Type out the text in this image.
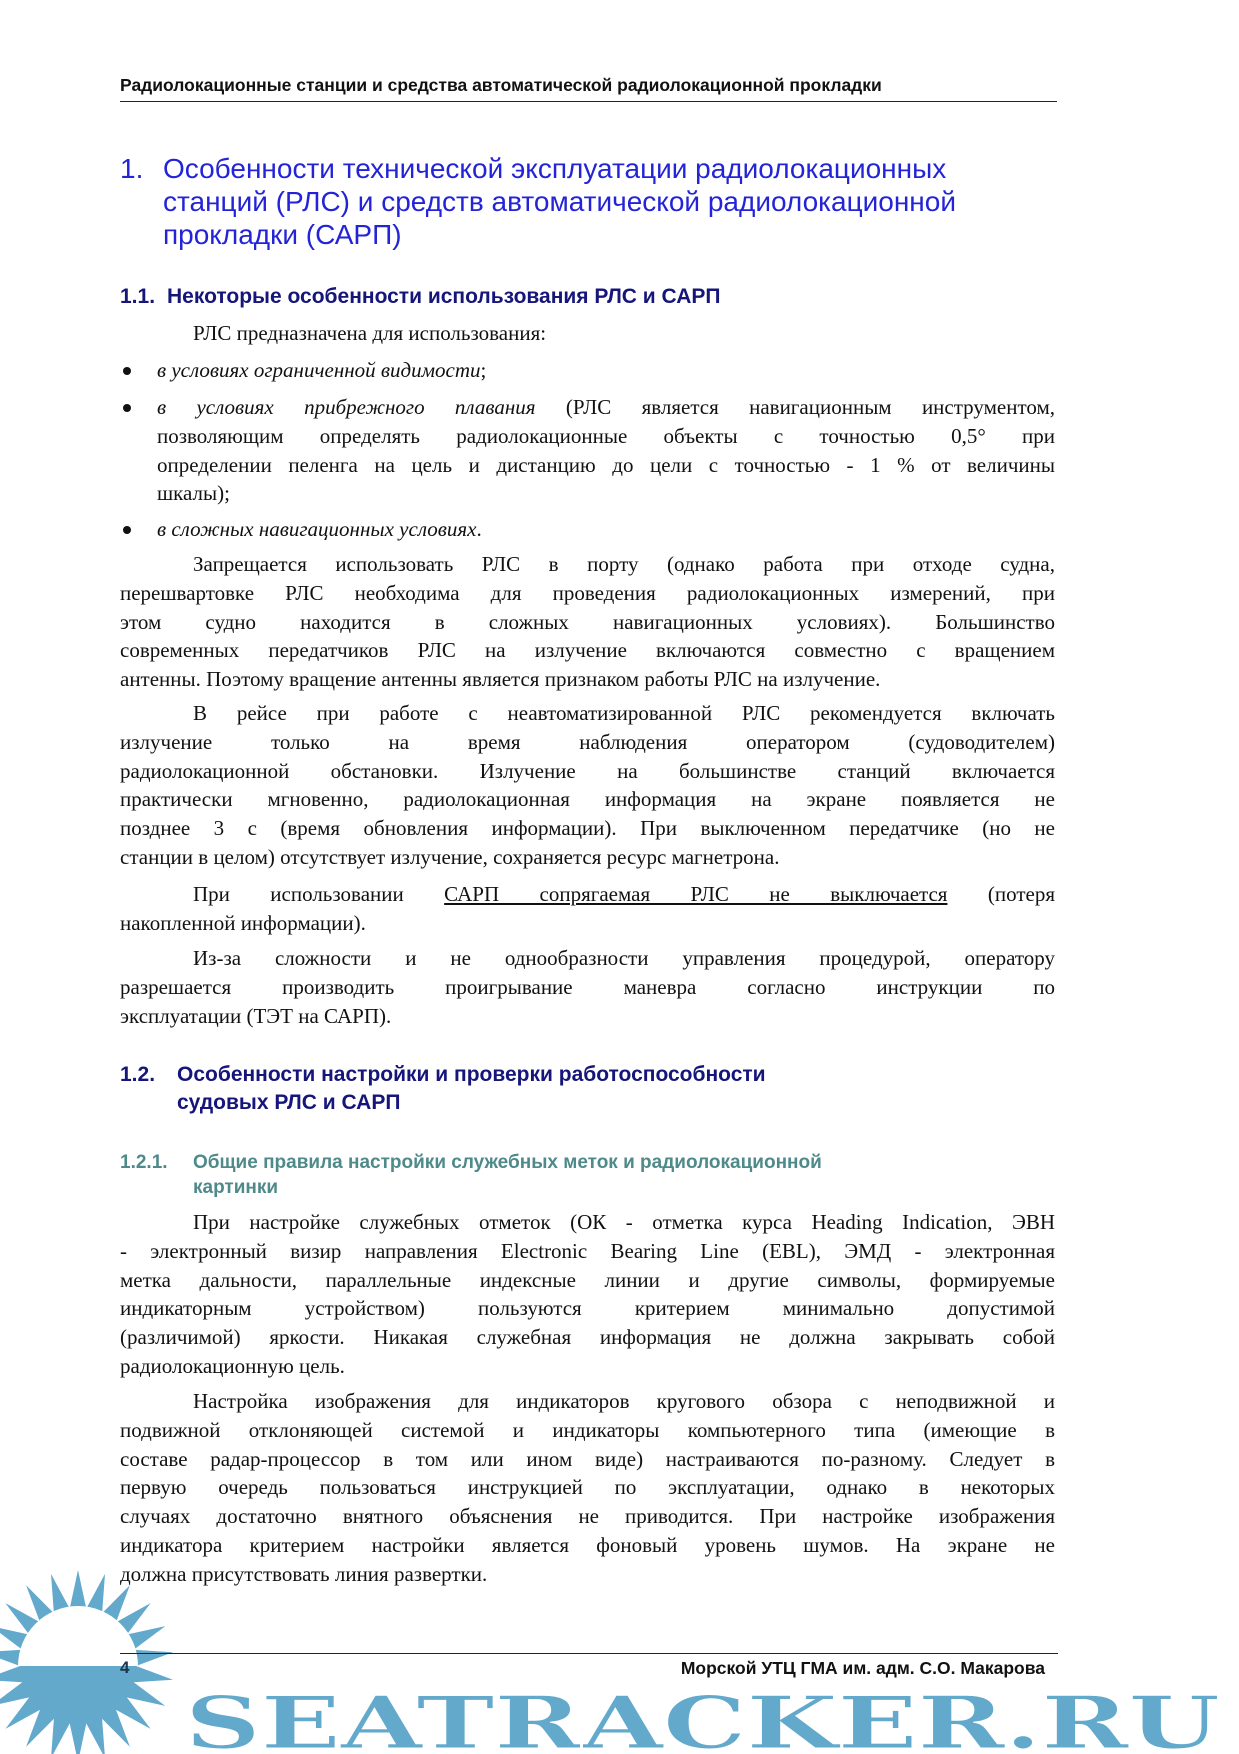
Радиолокационные станции и средства автоматической радиолокационной прокладки
1. Особенности технической эксплуатации радиолокационных
станций (РЛС) и средств автоматической радиолокационной
прокладки (САРП)
1.1. Некоторые особенности использования РЛС и САРП
1.2. Особенности настройки и проверки работоспособности
судовых РЛС и САРП
1.2.1. Общие правила настройки служебных меток и радиолокационной
картинки
РЛС предназначена для использования:
в условиях ограниченной видимости;
в условиях прибрежного плавания (РЛС является навигационным инструментом,
позволяющим определять радиолокационные объекты с точностью 0,5° при
определении пеленга на цель и дистанцию до цели с точностью - 1 % от величины
шкалы);
в сложных навигационных условиях.
Запрещается использовать РЛС в порту (однако работа при отходе судна,
перешвартовке РЛС необходима для проведения радиолокационных измерений, при
этом судно находится в сложных навигационных условиях). Большинство
современных передатчиков РЛС на излучение включаются совместно с вращением
антенны. Поэтому вращение антенны является признаком работы РЛС на излучение.
В рейсе при работе с неавтоматизированной РЛС рекомендуется включать
излучение только на время наблюдения оператором (судоводителем)
радиолокационной обстановки. Излучение на большинстве станций включается
практически мгновенно, радиолокационная информация на экране появляется не
позднее 3 с (время обновления информации). При выключенном передатчике (но не
станции в целом) отсутствует излучение, сохраняется ресурс магнетрона.
При использовании САРП сопрягаемая РЛС не выключается (потеря
накопленной информации).
Из-за сложности и не однообразности управления процедурой, оператору
разрешается производить проигрывание маневра согласно инструкции по
эксплуатации (ТЭТ на САРП).
При настройке служебных отметок (ОК - отметка курса Heading Indication, ЭВН
- электронный визир направления Electronic Bearing Line (EBL), ЭМД - электронная
метка дальности, параллельные индексные линии и другие символы, формируемые
индикаторным устройством) пользуются критерием минимально допустимой
(различимой) яркости. Никакая служебная информация не должна закрывать собой
радиолокационную цель.
Настройка изображения для индикаторов кругового обзора с неподвижной и
подвижной отклоняющей системой и индикаторы компьютерного типа (имеющие в
составе радар-процессор в том или ином виде) настраиваются по-разному. Следует в
первую очередь пользоваться инструкцией по эксплуатации, однако в некоторых
случаях достаточно внятного объяснения не приводится. При настройке изображения
индикатора критерием настройки является фоновый уровень шумов. На экране не
должна присутствовать линия развертки.
SEATRACKER.RU
4	Морской УТЦ ГМА им. адм. С.О. Макарова
